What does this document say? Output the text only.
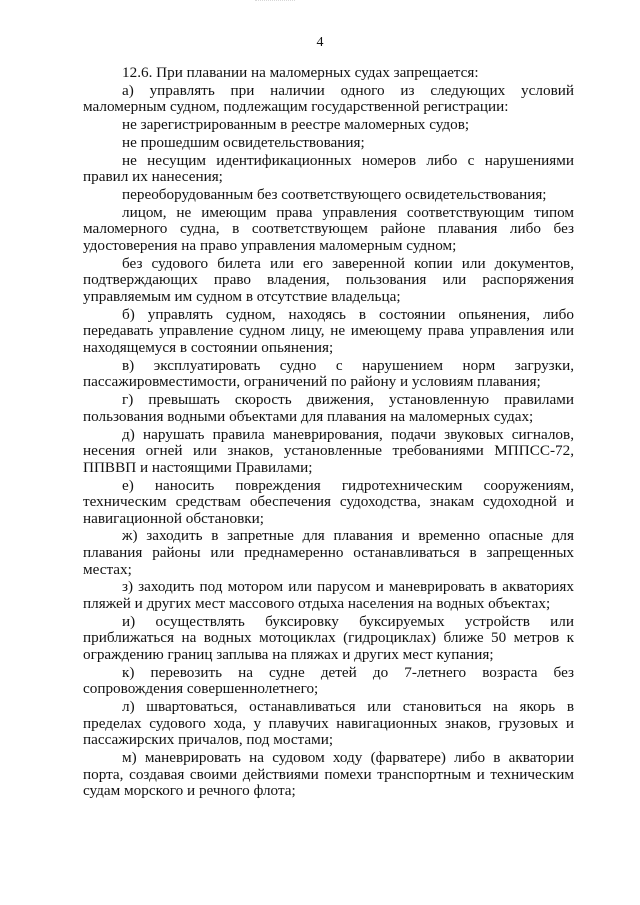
4

12.6. При плавании на маломерных судах запрещается:

а) управлять при наличии одного из следующих условий маломерным судном, подлежащим государственной регистрации:

не зарегистрированным в реестре маломерных судов;

не прошедшим освидетельствования;

не несущим идентификационных номеров либо с нарушениями правил их нанесения;

переоборудованным без соответствующего освидетельствования;

лицом, не имеющим права управления соответствующим типом маломерного судна, в соответствующем районе плавания либо без удостоверения на право управления маломерным судном;

без судового билета или его заверенной копии или документов, подтверждающих право владения, пользования или распоряжения управляемым им судном в отсутствие владельца;

б) управлять судном, находясь в состоянии опьянения, либо передавать управление судном лицу, не имеющему права управления или находящемуся в состоянии опьянения;

в) эксплуатировать судно с нарушением норм загрузки, пассажировместимости, ограничений по району и условиям плавания;

г) превышать скорость движения, установленную правилами пользования водными объектами для плавания на маломерных судах;

д) нарушать правила маневрирования, подачи звуковых сигналов, несения огней или знаков, установленные требованиями МППСС-72, ППВВП и настоящими Правилами;

е) наносить повреждения гидротехническим сооружениям, техническим средствам обеспечения судоходства, знакам судоходной и навигационной обстановки;

ж) заходить в запретные для плавания и временно опасные для плавания районы или преднамеренно останавливаться в запрещенных местах;

з) заходить под мотором или парусом и маневрировать в акваториях пляжей и других мест массового отдыха населения на водных объектах;

и) осуществлять буксировку буксируемых устройств или приближаться на водных мотоциклах (гидроциклах) ближе 50 метров к ограждению границ заплыва на пляжах и других мест купания;

к) перевозить на судне детей до 7-летнего возраста без сопровождения совершеннолетнего;

л) швартоваться, останавливаться или становиться на якорь в пределах судового хода, у плавучих навигационных знаков, грузовых и пассажирских причалов, под мостами;

м) маневрировать на судовом ходу (фарватере) либо в акватории порта, создавая своими действиями помехи транспортным и техническим судам морского и речного флота;
